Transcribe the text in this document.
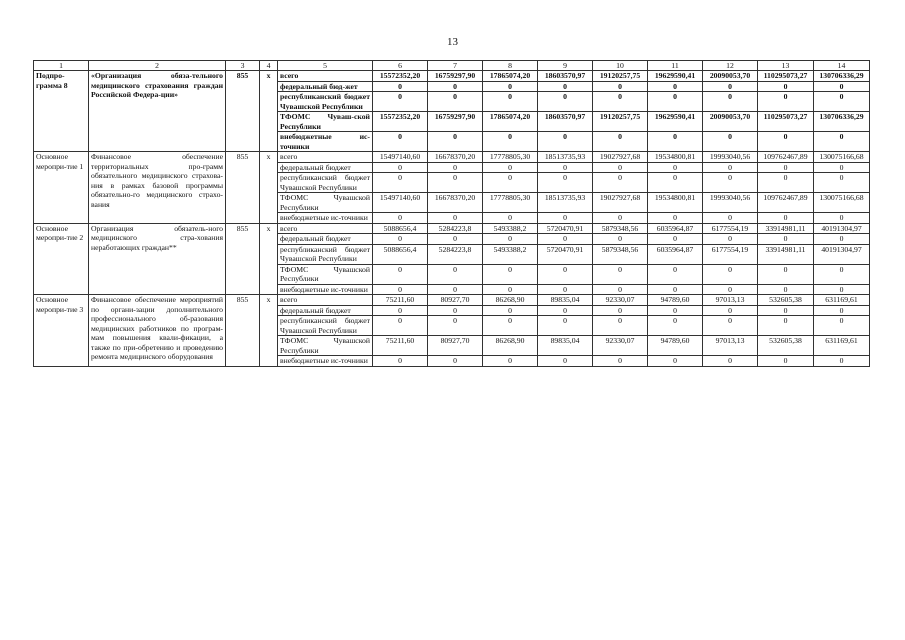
13
1	2	3	4	5	6	7	8	9	10	11	12	13	14
Подпро-грамма 8	«Организация обяза-тельного медицинского страхования граждан Российской Федера-ции»	855	x	всего	15572352,20	16759297,90	17865074,20	18603570,97	19120257,75	19629590,41	20090053,70	110295073,27	130706336,29
				федеральный бюд-жет	0	0	0	0	0	0	0	0	0
				республиканский бюджет Чувашской Республики	0	0	0	0	0	0	0	0	0
				ТФОМС Чуваш-ской Республики	15572352,20	16759297,90	17865074,20	18603570,97	19120257,75	19629590,41	20090053,70	110295073,27	130706336,29
				внебюджетные ис-точники	0	0	0	0	0	0	0	0	0
Основное меропри-тие 1	Финансовое обеспечение территориальных про-грамм обязательного медицинского страхова-ния в рамках базовой программы обязательно-го медицинского страхо-вания	855	x	всего	15497140,60	16678370,20	17778805,30	18513735,93	19027927,68	19534800,81	19993040,56	109762467,89	130075166,68
				федеральный бюджет	0	0	0	0	0	0	0	0	0
				республиканский бюджет Чувашской Республики	0	0	0	0	0	0	0	0	0
				ТФОМС Чувашской Республики	15497140,60	16678370,20	17778805,30	18513735,93	19027927,68	19534800,81	19993040,56	109762467,89	130075166,68
				внебюджетные ис-точники	0	0	0	0	0	0	0	0	0
Основное меропри-тие 2	Организация обязатель-ного медицинского стра-хования неработающих граждан**	855	x	всего	5088656,4	5284223,8	5493388,2	5720470,91	5879348,56	6035964,87	6177554,19	33914981,11	40191304,97
				федеральный бюджет	0	0	0	0	0	0	0	0	0
				республиканский бюджет Чувашской Республики	5088656,4	5284223,8	5493388,2	5720470,91	5879348,56	6035964,87	6177554,19	33914981,11	40191304,97
				ТФОМС Чувашской Республики	0	0	0	0	0	0	0	0	0
				внебюджетные ис-точники	0	0	0	0	0	0	0	0	0
Основное меропри-тие 3	Финансовое обеспечение мероприятий по органи-зации дополнительного профессионального об-разования медицинских работников по програм-мам повышения квали-фикации, а также по при-обретению и проведению ремонта медицинского оборудования	855	x	всего	75211,60	80927,70	86268,90	89835,04	92330,07	94789,60	97013,13	532605,38	631169,61
				федеральный бюджет	0	0	0	0	0	0	0	0	0
				республиканский бюджет Чувашской Республики	0	0	0	0	0	0	0	0	0
				ТФОМС Чувашской Республики	75211,60	80927,70	86268,90	89835,04	92330,07	94789,60	97013,13	532605,38	631169,61
				внебюджетные ис-точники	0	0	0	0	0	0	0	0	0
